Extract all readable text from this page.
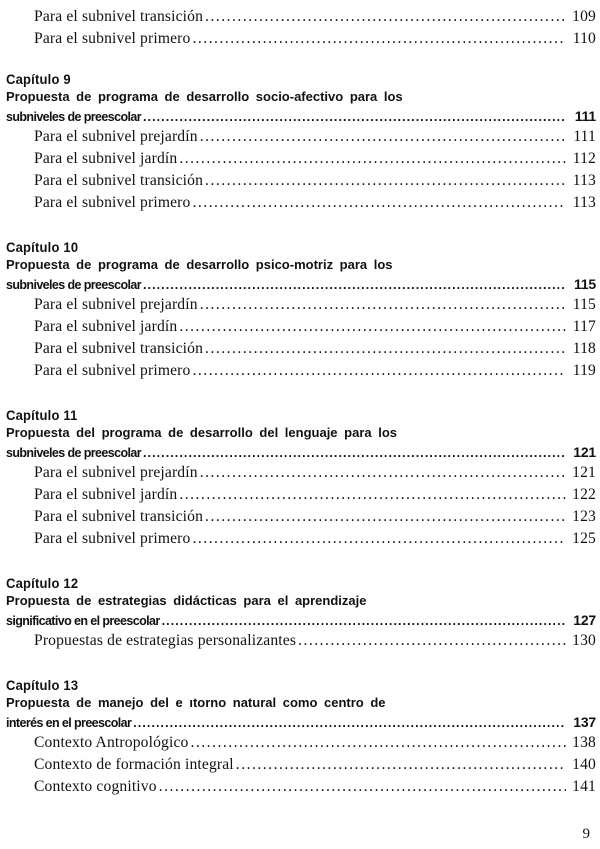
Para el subnivel transición . . .	109
Para el subnivel primero . . .	110
Capítulo 9
Propuesta de programa de desarrollo socio-afectivo para los
subniveles de preescolar . . .	111
Para el subnivel prejardín . . .	111
Para el subnivel jardín . . .	112
Para el subnivel transición . . .	113
Para el subnivel primero . . .	113
Capítulo 10
Propuesta de programa de desarrollo psico-motriz para los
subniveles de preescolar . . .	115
Para el subnivel prejardín . . .	115
Para el subnivel jardín . . .	117
Para el subnivel transición . . .	118
Para el subnivel primero . . .	119
Capítulo 11
Propuesta del programa de desarrollo del lenguaje para los
subniveles de preescolar . . .	121
Para el subnivel prejardín . . .	121
Para el subnivel jardín . . .	122
Para el subnivel transición . . .	123
Para el subnivel primero . . .	125
Capítulo 12
Propuesta de estrategias didácticas para el aprendizaje
significativo en el preescolar . . .	127
Propuestas de estrategias personalizantes . . .	130
Capítulo 13
Propuesta de manejo del e ıtorno natural como centro de
interés en el preescolar . . .	137
Contexto Antropológico . . .	138
Contexto de formación integral . . .	140
Contexto cognitivo . . .	141
9
